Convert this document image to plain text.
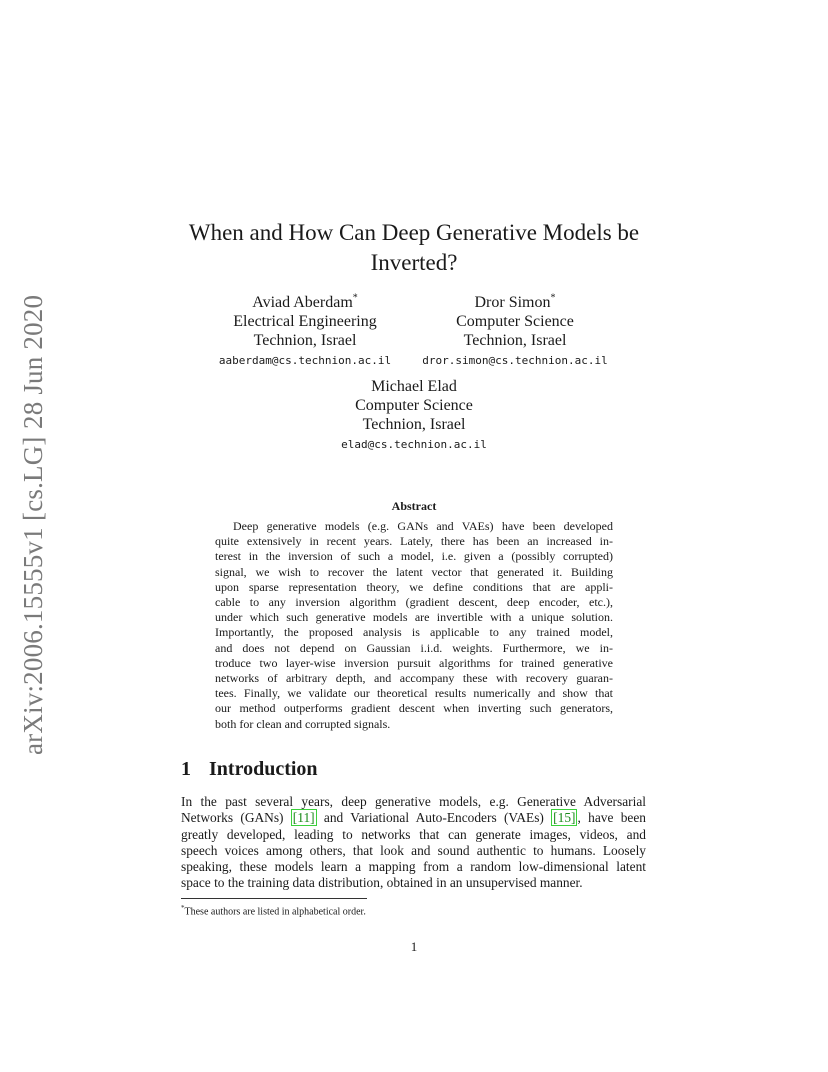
arXiv:2006.15555v1 [cs.LG] 28 Jun 2020
When and How Can Deep Generative Models be
Inverted?
Aviad Aberdam*
Electrical Engineering
Technion, Israel
aaberdam@cs.technion.ac.il
Dror Simon*
Computer Science
Technion, Israel
dror.simon@cs.technion.ac.il
Michael Elad
Computer Science
Technion, Israel
elad@cs.technion.ac.il
Abstract
Deep generative models (e.g. GANs and VAEs) have been developed
quite extensively in recent years. Lately, there has been an increased in-
terest in the inversion of such a model, i.e. given a (possibly corrupted)
signal, we wish to recover the latent vector that generated it. Building
upon sparse representation theory, we define conditions that are appli-
cable to any inversion algorithm (gradient descent, deep encoder, etc.),
under which such generative models are invertible with a unique solution.
Importantly, the proposed analysis is applicable to any trained model,
and does not depend on Gaussian i.i.d. weights. Furthermore, we in-
troduce two layer-wise inversion pursuit algorithms for trained generative
networks of arbitrary depth, and accompany these with recovery guaran-
tees. Finally, we validate our theoretical results numerically and show that
our method outperforms gradient descent when inverting such generators,
both for clean and corrupted signals.
1 Introduction
In the past several years, deep generative models, e.g. Generative Adversarial
Networks (GANs) [11] and Variational Auto-Encoders (VAEs) [15] , have been
greatly developed, leading to networks that can generate images, videos, and
speech voices among others, that look and sound authentic to humans. Loosely
speaking, these models learn a mapping from a random low-dimensional latent
space to the training data distribution, obtained in an unsupervised manner.
*These authors are listed in alphabetical order.
1
